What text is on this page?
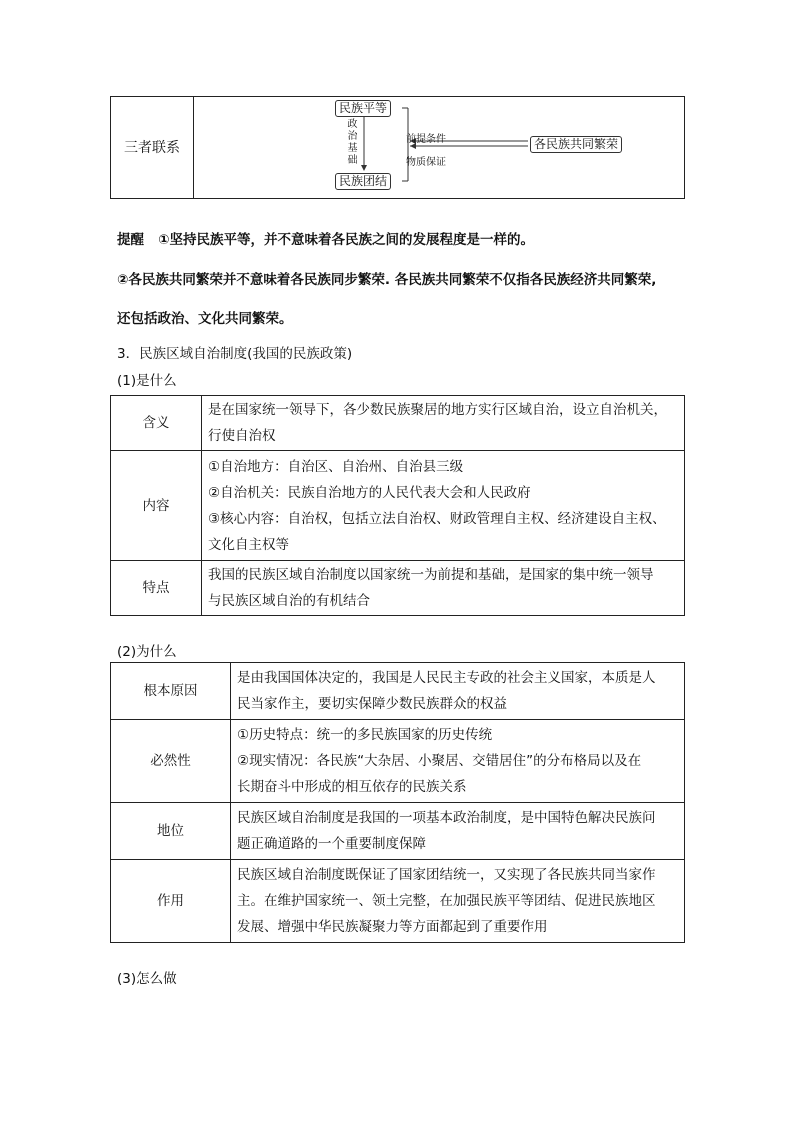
三者联系	
民族平等
民族团结
各民族共同繁荣
政
治
基
础
前提条件
物质保证
提醒 ①坚持民族平等，并不意味着各民族之间的发展程度是一样的。
②各民族共同繁荣并不意味着各民族同步繁荣. 各民族共同繁荣不仅指各民族经济共同繁荣,
还包括政治、文化共同繁荣。
3．民族区域自治制度(我国的民族政策)
(1)是什么
含义	是在国家统一领导下，各少数民族聚居的地方实行区域自治，设立自治机关，
行使自治权

内容	①自治地方：自治区、自治州、自治县三级
②自治机关：民族自治地方的人民代表大会和人民政府
③核心内容：自治权，包括立法自治权、财政管理自主权、经济建设自主权、
文化自主权等

特点	我国的民族区域自治制度以国家统一为前提和基础，是国家的集中统一领导
与民族区域自治的有机结合
(2)为什么
根本原因	是由我国国体决定的，我国是人民民主专政的社会主义国家，本质是人
民当家作主，要切实保障少数民族群众的权益

必然性	①历史特点：统一的多民族国家的历史传统
②现实情况：各民族“大杂居、小聚居、交错居住”的分布格局以及在
长期奋斗中形成的相互依存的民族关系

地位	民族区域自治制度是我国的一项基本政治制度，是中国特色解决民族问
题正确道路的一个重要制度保障

作用	民族区域自治制度既保证了国家团结统一，又实现了各民族共同当家作
主。在维护国家统一、领土完整，在加强民族平等团结、促进民族地区
发展、增强中华民族凝聚力等方面都起到了重要作用
(3)怎么做
